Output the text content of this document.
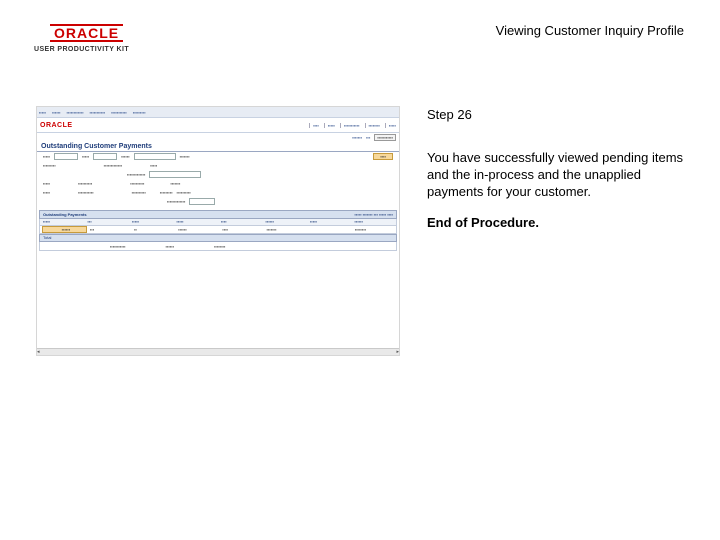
ORACLE
USER PRODUCTIVITY KIT
Viewing Customer Inquiry Profile
▪▪▪▪▪ ▪▪▪▪▪▪ ▪▪▪▪▪▪▪▪▪▪▪▪ ▪▪▪▪▪▪▪▪▪▪▪ ▪▪▪▪▪▪▪▪▪▪▪ ▪▪▪▪▪▪▪▪▪
ORACLE	▪▪▪▪	▪▪▪▪▪	▪▪▪▪▪▪▪▪▪▪▪	▪▪▪▪▪▪▪▪	▪▪▪▪▪
▪▪▪▪▪▪▪ ▪▪▪	▪▪▪▪▪▪▪▪▪▪▪
Outstanding Customer Payments
▪▪▪▪▪	▪▪▪▪▪	▪▪▪▪▪▪	▪▪▪▪▪▪▪	▪▪▪▪
▪▪▪▪▪▪▪▪▪	▪▪▪▪▪▪▪▪▪▪▪▪▪	▪▪▪▪▪
▪▪▪▪▪▪▪▪▪▪▪▪▪
▪▪▪▪▪	▪▪▪▪▪▪▪▪▪▪	▪▪▪▪▪▪▪▪▪▪	▪▪▪▪▪▪▪
▪▪▪▪▪	▪▪▪▪▪▪▪▪▪▪▪	▪▪▪▪▪▪▪▪▪▪	▪▪▪▪▪▪▪▪▪ ▪▪▪▪▪▪▪▪▪▪
▪▪▪▪▪▪▪▪▪▪▪▪▪
Outstanding Payments	▪▪▪▪▪ ▪▪▪▪▪▪▪ ▪▪▪ ▪▪▪▪▪ ▪▪▪▪
▪▪▪▪▪	▪▪▪	▪▪▪▪▪	▪▪▪▪▪	▪▪▪▪	▪▪▪▪▪▪	▪▪▪▪▪	▪▪▪▪▪▪
▪▪▪▪▪▪	▪▪▪	▪▪	▪▪▪▪▪▪	▪▪▪▪	▪▪▪▪▪▪▪	▪▪▪▪▪▪▪▪
Total
▪▪▪▪▪▪▪▪▪▪▪	▪▪▪▪▪▪	▪▪▪▪▪▪▪▪
◂	▸
Step 26
You have successfully viewed pending items and the in-process and the unapplied payments for your customer.
End of Procedure.
